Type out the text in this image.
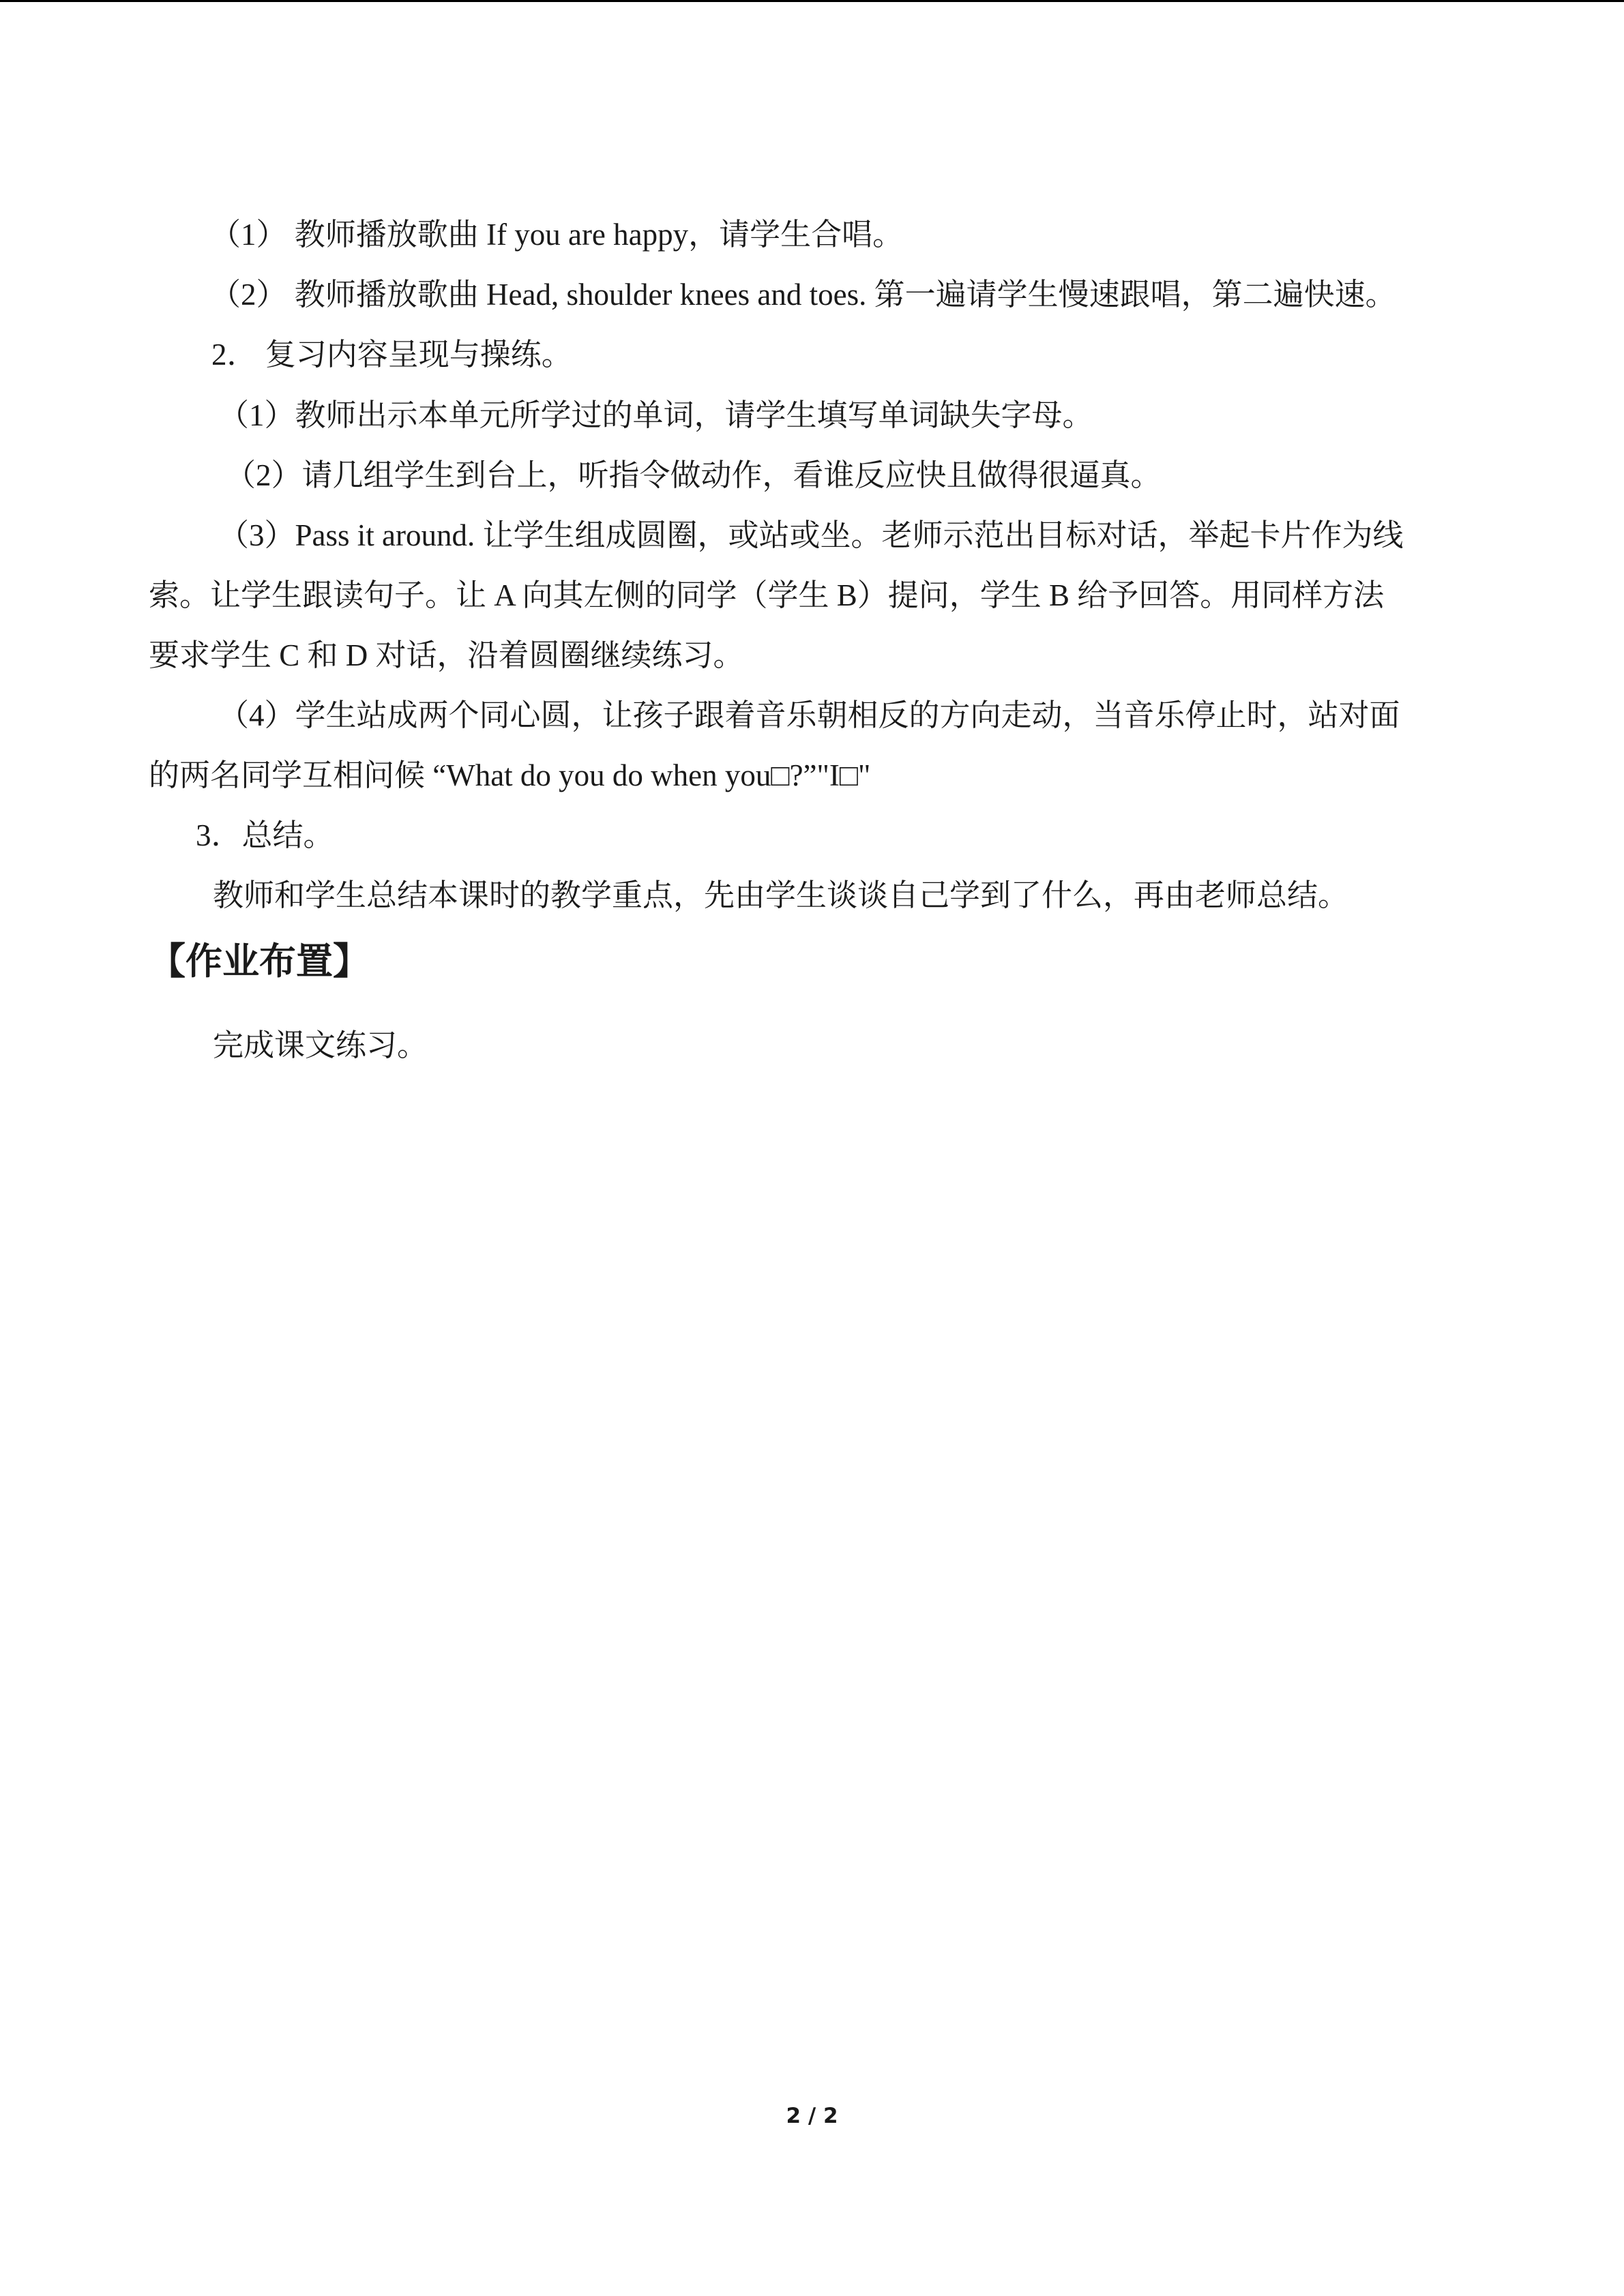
（1） 教师播放歌曲 If you are happy，请学生合唱。
（2） 教师播放歌曲 Head, shoulder knees and toes. 第一遍请学生慢速跟唱，第二遍快速。
2． 复习内容呈现与操练。
（1）教师出示本单元所学过的单词，请学生填写单词缺失字母。
（2）请几组学生到台上，听指令做动作，看谁反应快且做得很逼真。
（3）Pass it around. 让学生组成圆圈，或站或坐。老师示范出目标对话，举起卡片作为线
索。让学生跟读句子。让 A 向其左侧的同学（学生 B）提问，学生 B 给予回答。用同样方法
要求学生 C 和 D 对话，沿着圆圈继续练习。
（4）学生站成两个同心圆，让孩子跟着音乐朝相反的方向走动，当音乐停止时，站对面
的两名同学互相问候 “What do you do when you□?”"I□"
3．总结。
教师和学生总结本课时的教学重点，先由学生谈谈自己学到了什么，再由老师总结。
【作业布置】
完成课文练习。
2 / 2
